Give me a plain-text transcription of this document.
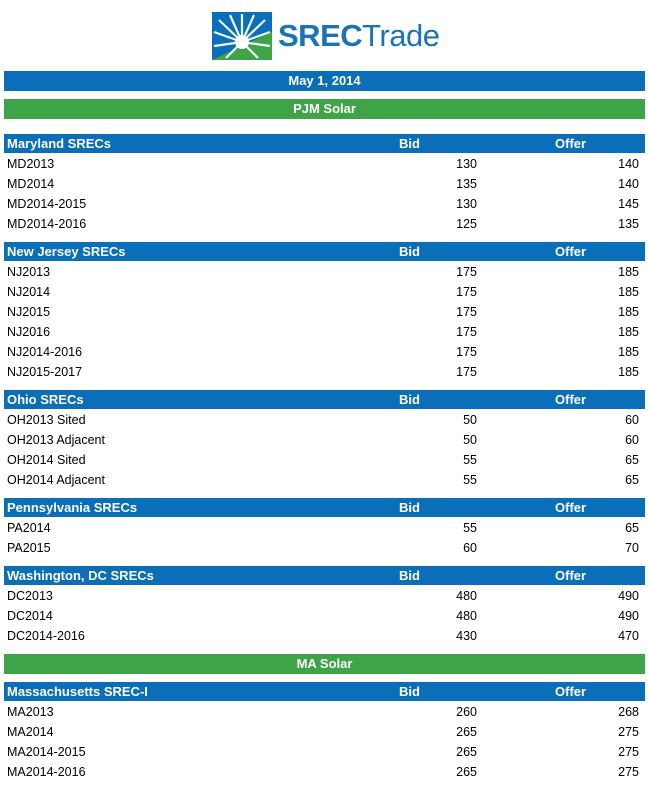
SRECTrade
May 1, 2014
PJM Solar
Maryland SRECs	Bid	Offer
MD2013	130	140
MD2014	135	140
MD2014-2015	130	145
MD2014-2016	125	135
New Jersey SRECs	Bid	Offer
NJ2013	175	185
NJ2014	175	185
NJ2015	175	185
NJ2016	175	185
NJ2014-2016	175	185
NJ2015-2017	175	185
Ohio SRECs	Bid	Offer
OH2013 Sited	50	60
OH2013 Adjacent	50	60
OH2014 Sited	55	65
OH2014 Adjacent	55	65
Pennsylvania SRECs	Bid	Offer
PA2014	55	65
PA2015	60	70
Washington, DC SRECs	Bid	Offer
DC2013	480	490
DC2014	480	490
DC2014-2016	430	470
MA Solar
Massachusetts SREC-I	Bid	Offer
MA2013	260	268
MA2014	265	275
MA2014-2015	265	275
MA2014-2016	265	275
